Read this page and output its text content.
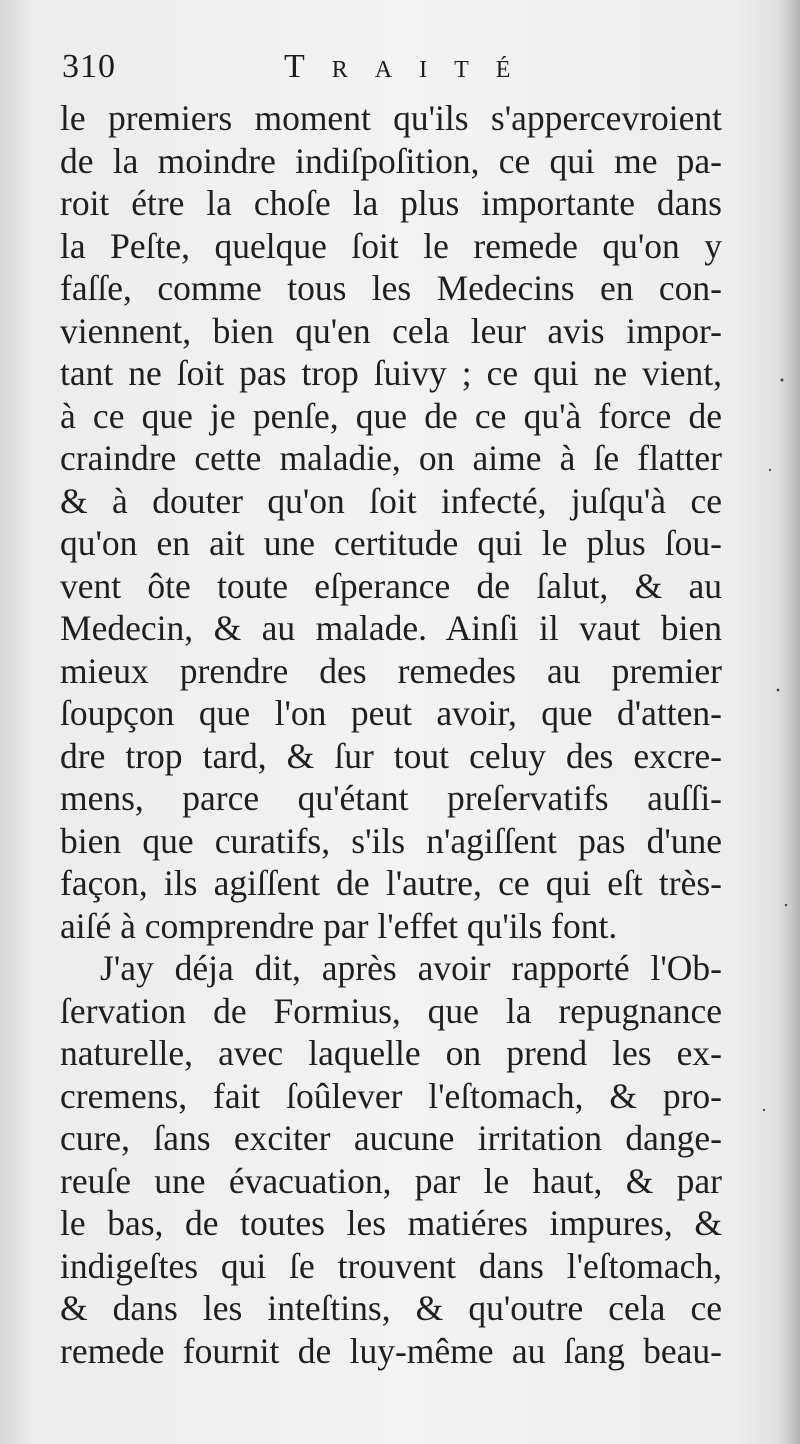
310	Traité
le premiers moment qu'ils s'appercevroient
de la moindre indiſpoſition, ce qui me pa-
roit étre la choſe la plus importante dans
la Peſte, quelque ſoit le remede qu'on y
faſſe, comme tous les Medecins en con-
viennent, bien qu'en cela leur avis impor-
tant ne ſoit pas trop ſuivy ; ce qui ne vient,
à ce que je penſe, que de ce qu'à force de
craindre cette maladie, on aime à ſe flatter
& à douter qu'on ſoit infecté, juſqu'à ce
qu'on en ait une certitude qui le plus ſou-
vent ôte toute eſperance de ſalut, & au
Medecin, & au malade. Ainſi il vaut bien
mieux prendre des remedes au premier
ſoupçon que l'on peut avoir, que d'atten-
dre trop tard, & ſur tout celuy des excre-
mens, parce qu'étant preſervatifs auſſi-
bien que curatifs, s'ils n'agiſſent pas d'une
façon, ils agiſſent de l'autre, ce qui eſt très-
aiſé à comprendre par l'effet qu'ils font.
J'ay déja dit, après avoir rapporté l'Ob-
ſervation de Formius, que la repugnance
naturelle, avec laquelle on prend les ex-
cremens, fait ſoûlever l'eſtomach, & pro-
cure, ſans exciter aucune irritation dange-
reuſe une évacuation, par le haut, & par
le bas, de toutes les matiéres impures, &
indigeſtes qui ſe trouvent dans l'eſtomach,
& dans les inteſtins, & qu'outre cela ce
remede fournit de luy-même au ſang beau-
